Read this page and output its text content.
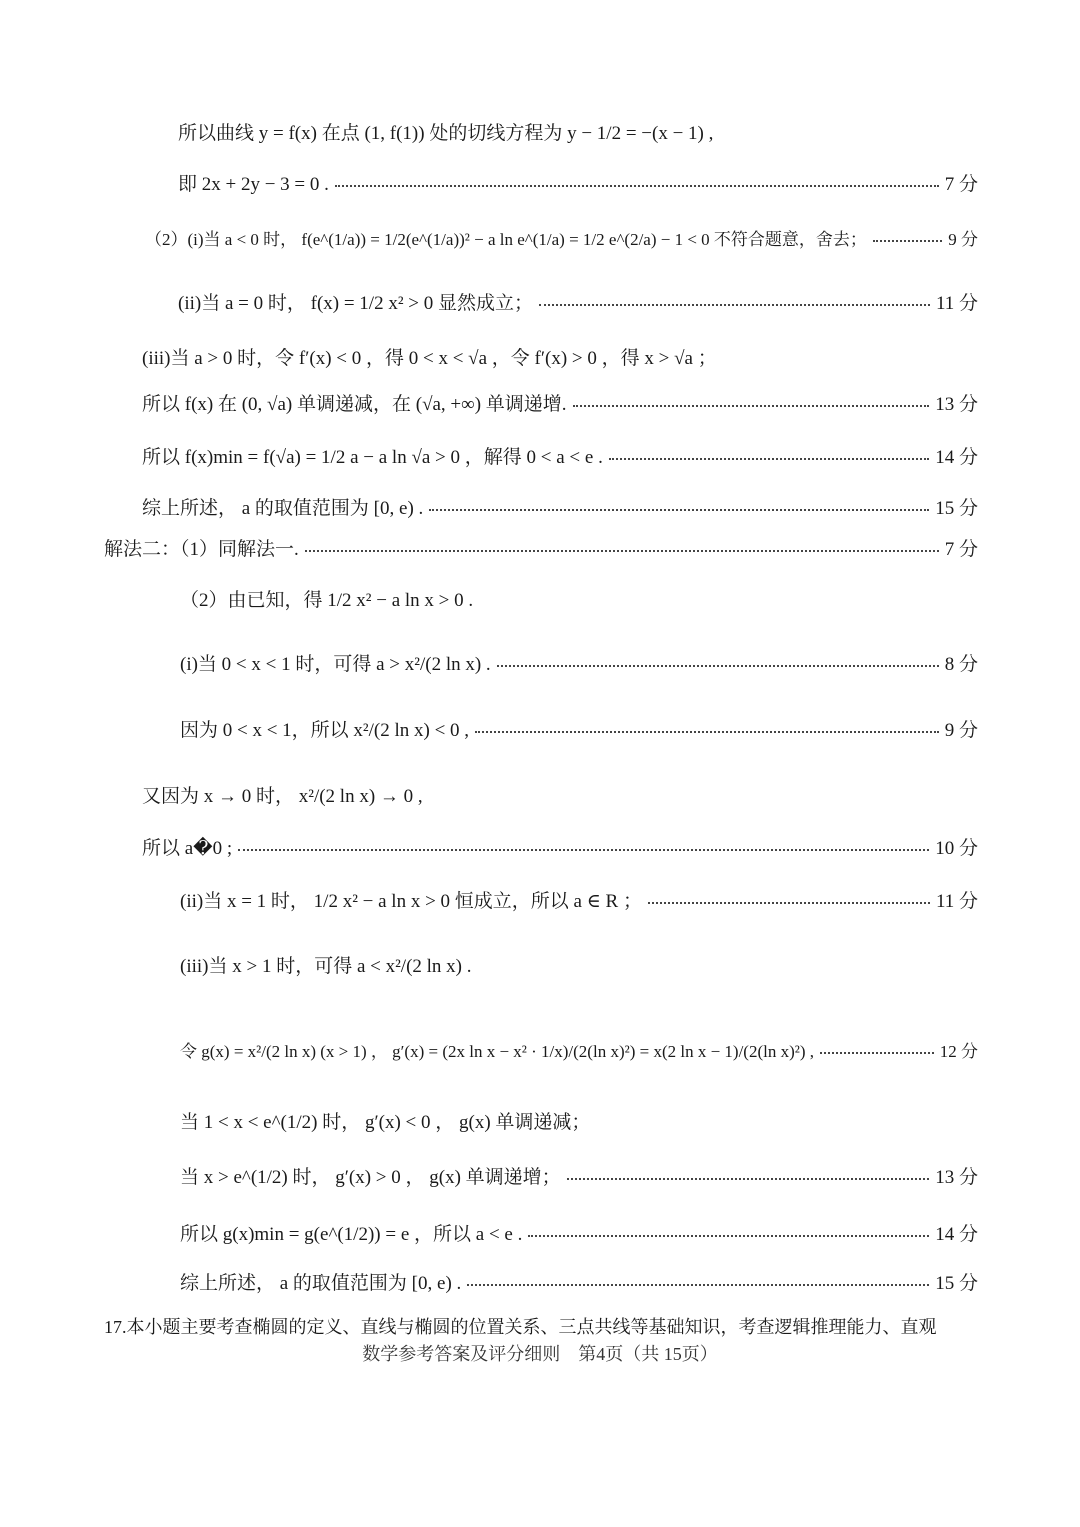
所以曲线 y = f(x) 在点 (1, f(1)) 处的切线方程为 y − 1/2 = −(x − 1) ,
即 2x + 2y − 3 = 0 .	7 分
（2）(i)当 a < 0 时， f(e^(1/a)) = 1/2(e^(1/a))² − a ln e^(1/a) = 1/2 e^(2/a) − 1 < 0 不符合题意，舍去；	9 分
(ii)当 a = 0 时， f(x) = 1/2 x² > 0 显然成立；	11 分
(iii)当 a > 0 时，令 f′(x) < 0 ，得 0 < x < √a ，令 f′(x) > 0 ，得 x > √a ；
所以 f(x) 在 (0, √a) 单调递减，在 (√a, +∞) 单调递增.	13 分
所以 f(x)min = f(√a) = 1/2 a − a ln √a > 0 ，解得 0 < a < e .	14 分
综上所述， a 的取值范围为 [0, e) .	15 分
解法二：（1）同解法一.	7 分
（2）由已知，得 1/2 x² − a ln x > 0 .
(i)当 0 < x < 1 时，可得 a > x²/(2 ln x) .	8 分
因为 0 < x < 1，所以 x²/(2 ln x) < 0 ,	9 分
又因为 x → 0 时， x²/(2 ln x) → 0 ,
所以 a�0 ;	10 分
(ii)当 x = 1 时， 1/2 x² − a ln x > 0 恒成立，所以 a ∈ R ；	11 分
(iii)当 x > 1 时，可得 a < x²/(2 ln x) .
令 g(x) = x²/(2 ln x) (x > 1) ， g′(x) = (2x ln x − x² · 1/x)/(2(ln x)²) = x(2 ln x − 1)/(2(ln x)²) ,	12 分
当 1 < x < e^(1/2) 时， g′(x) < 0 ， g(x) 单调递减；
当 x > e^(1/2) 时， g′(x) > 0 ， g(x) 单调递增；	13 分
所以 g(x)min = g(e^(1/2)) = e ，所以 a < e .	14 分
综上所述， a 的取值范围为 [0, e) .	15 分
17.本小题主要考查椭圆的定义、直线与椭圆的位置关系、三点共线等基础知识，考查逻辑推理能力、直观
数学参考答案及评分细则　第4页（共 15页）
